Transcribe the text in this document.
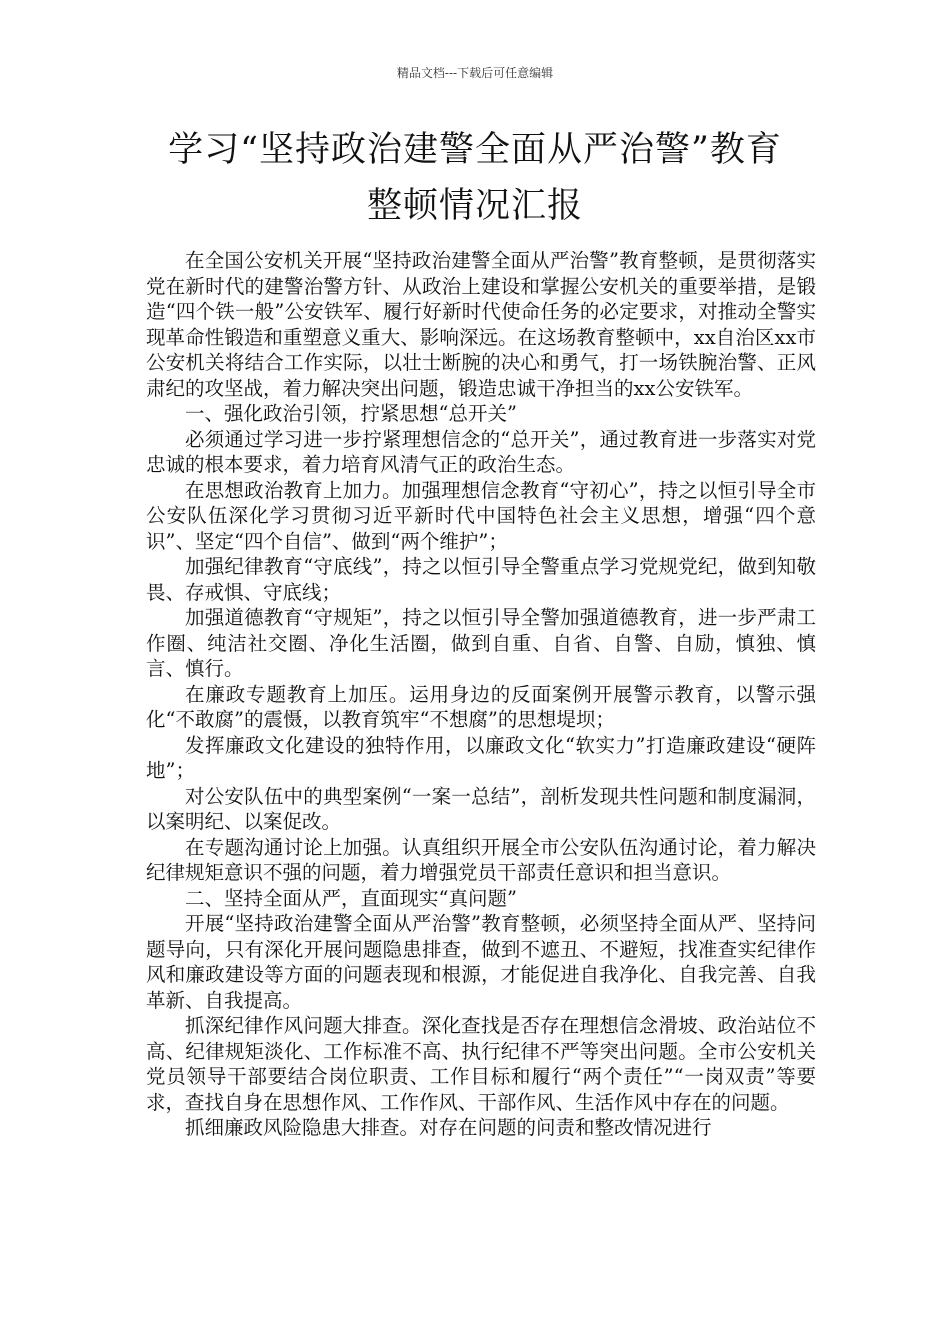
精品文档---下载后可任意编辑
学习“坚持政治建警全面从严治警”教育
整顿情况汇报

在全国公安机关开展“坚持政治建警全面从严治警”教育整顿，是贯彻落实党在新时代的建警治警方针、从政治上建设和掌握公安机关的重要举措，是锻造“四个铁一般”公安铁军、履行好新时代使命任务的必定要求，对推动全警实现革命性锻造和重塑意义重大、影响深远。在这场教育整顿中，xx自治区xx市公安机关将结合工作实际，以壮士断腕的决心和勇气，打一场铁腕治警、正风肃纪的攻坚战，着力解决突出问题，锻造忠诚干净担当的xx公安铁军。

一、强化政治引领，拧紧思想“总开关”

必须通过学习进一步拧紧理想信念的“总开关”，通过教育进一步落实对党忠诚的根本要求，着力培育风清气正的政治生态。

在思想政治教育上加力。加强理想信念教育“守初心”，持之以恒引导全市公安队伍深化学习贯彻习近平新时代中国特色社会主义思想，增强“四个意识”、坚定“四个自信”、做到“两个维护”；

加强纪律教育“守底线”，持之以恒引导全警重点学习党规党纪，做到知敬畏、存戒惧、守底线；

加强道德教育“守规矩”，持之以恒引导全警加强道德教育，进一步严肃工作圈、纯洁社交圈、净化生活圈，做到自重、自省、自警、自励，慎独、慎言、慎行。

在廉政专题教育上加压。运用身边的反面案例开展警示教育，以警示强化“不敢腐”的震慑，以教育筑牢“不想腐”的思想堤坝；

发挥廉政文化建设的独特作用，以廉政文化“软实力”打造廉政建设“硬阵地”；

对公安队伍中的典型案例“一案一总结”，剖析发现共性问题和制度漏洞，以案明纪、以案促改。

在专题沟通讨论上加强。认真组织开展全市公安队伍沟通讨论，着力解决纪律规矩意识不强的问题，着力增强党员干部责任意识和担当意识。

二、坚持全面从严，直面现实“真问题”

开展“坚持政治建警全面从严治警”教育整顿，必须坚持全面从严、坚持问题导向，只有深化开展问题隐患排查，做到不遮丑、不避短，找准查实纪律作风和廉政建设等方面的问题表现和根源，才能促进自我净化、自我完善、自我革新、自我提高。

抓深纪律作风问题大排查。深化查找是否存在理想信念滑坡、政治站位不高、纪律规矩淡化、工作标准不高、执行纪律不严等突出问题。全市公安机关党员领导干部要结合岗位职责、工作目标和履行“两个责任”“一岗双责”等要求，查找自身在思想作风、工作作风、干部作风、生活作风中存在的问题。

抓细廉政风险隐患大排查。对存在问题的问责和整改情况进行
